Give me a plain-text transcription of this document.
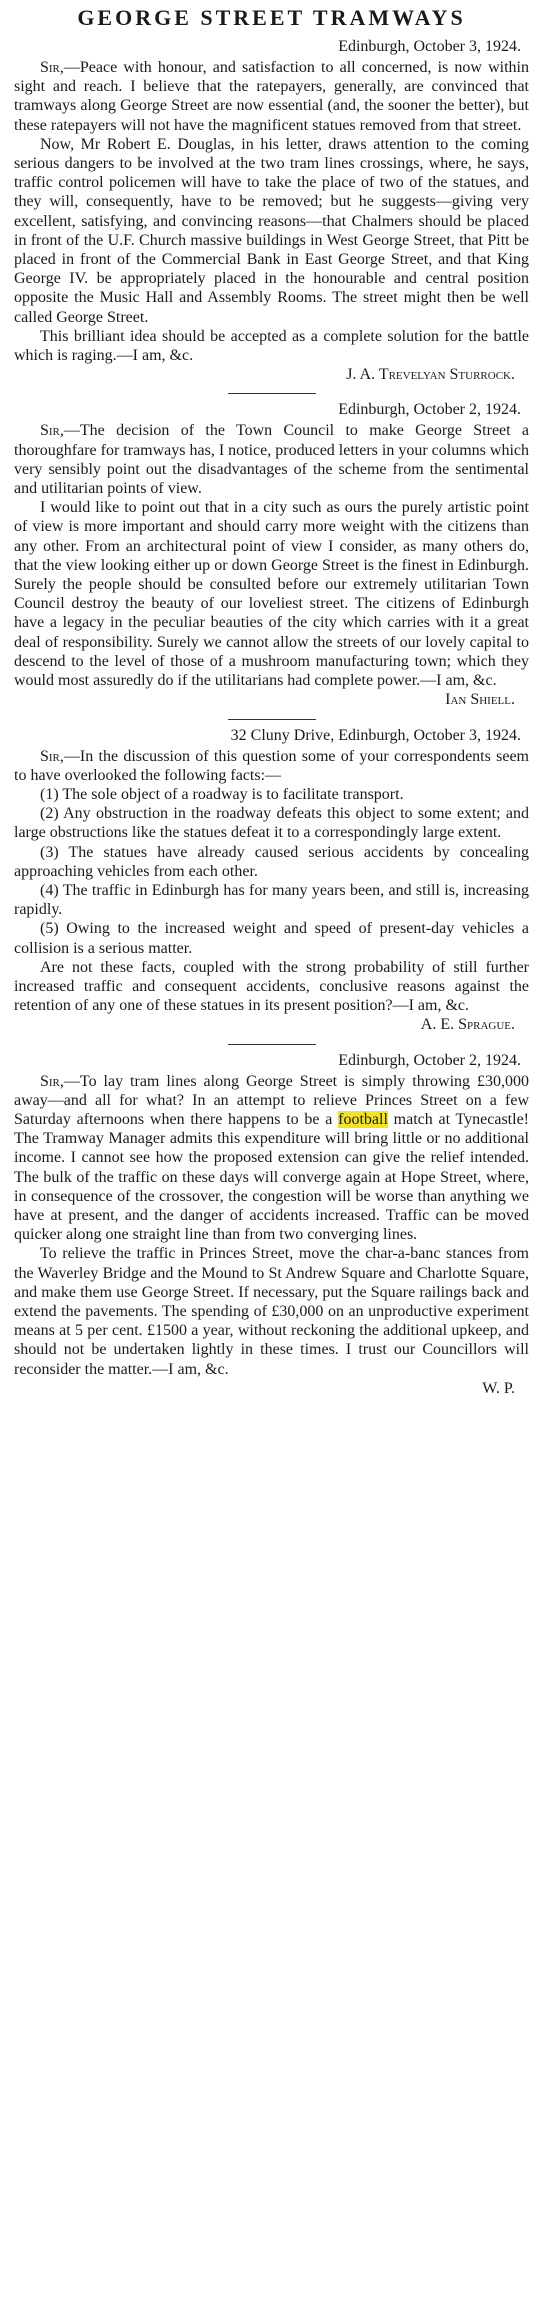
GEORGE STREET TRAMWAYS
Edinburgh, October 3, 1924.

Sir,—Peace with honour, and satisfaction to all concerned, is now within sight and reach. I believe that the ratepayers, generally, are convinced that tramways along George Street are now essential (and, the sooner the better), but these ratepayers will not have the magnificent statues removed from that street.

Now, Mr Robert E. Douglas, in his letter, draws attention to the coming serious dangers to be involved at the two tram lines crossings, where, he says, traffic control policemen will have to take the place of two of the statues, and they will, consequently, have to be removed; but he suggests—giving very excellent, satisfying, and convincing reasons—that Chalmers should be placed in front of the U.F. Church massive buildings in West George Street, that Pitt be placed in front of the Commercial Bank in East George Street, and that King George IV. be appropriately placed in the honourable and central position opposite the Music Hall and Assembly Rooms. The street might then be well called George Street.

This brilliant idea should be accepted as a complete solution for the battle which is raging.—I am, &c.

J. A. Trevelyan Sturrock.
Edinburgh, October 2, 1924.

Sir,—The decision of the Town Council to make George Street a thoroughfare for tramways has, I notice, produced letters in your columns which very sensibly point out the disadvantages of the scheme from the sentimental and utilitarian points of view.

I would like to point out that in a city such as ours the purely artistic point of view is more important and should carry more weight with the citizens than any other. From an architectural point of view I consider, as many others do, that the view looking either up or down George Street is the finest in Edinburgh. Surely the people should be consulted before our extremely utilitarian Town Council destroy the beauty of our loveliest street. The citizens of Edinburgh have a legacy in the peculiar beauties of the city which carries with it a great deal of responsibility. Surely we cannot allow the streets of our lovely capital to descend to the level of those of a mushroom manufacturing town; which they would most assuredly do if the utilitarians had complete power.—I am, &c.

Ian Shiell.
32 Cluny Drive, Edinburgh, October 3, 1924.

Sir,—In the discussion of this question some of your correspondents seem to have overlooked the following facts:—

(1) The sole object of a roadway is to facilitate transport.

(2) Any obstruction in the roadway defeats this object to some extent; and large obstructions like the statues defeat it to a correspondingly large extent.

(3) The statues have already caused serious accidents by concealing approaching vehicles from each other.

(4) The traffic in Edinburgh has for many years been, and still is, increasing rapidly.

(5) Owing to the increased weight and speed of present-day vehicles a collision is a serious matter.

Are not these facts, coupled with the strong probability of still further increased traffic and consequent accidents, conclusive reasons against the retention of any one of these statues in its present position?—I am, &c.

A. E. Sprague.
Edinburgh, October 2, 1924.

Sir,—To lay tram lines along George Street is simply throwing £30,000 away—and all for what? In an attempt to relieve Princes Street on a few Saturday afternoons when there happens to be a football match at Tynecastle! The Tramway Manager admits this expenditure will bring little or no additional income. I cannot see how the proposed extension can give the relief intended. The bulk of the traffic on these days will converge again at Hope Street, where, in consequence of the crossover, the congestion will be worse than anything we have at present, and the danger of accidents increased. Traffic can be moved quicker along one straight line than from two converging lines.

To relieve the traffic in Princes Street, move the char-a-banc stances from the Waverley Bridge and the Mound to St Andrew Square and Charlotte Square, and make them use George Street. If necessary, put the Square railings back and extend the pavements. The spending of £30,000 on an unproductive experiment means at 5 per cent. £1500 a year, without reckoning the additional upkeep, and should not be undertaken lightly in these times. I trust our Councillors will reconsider the matter.—I am, &c.

W. P.
